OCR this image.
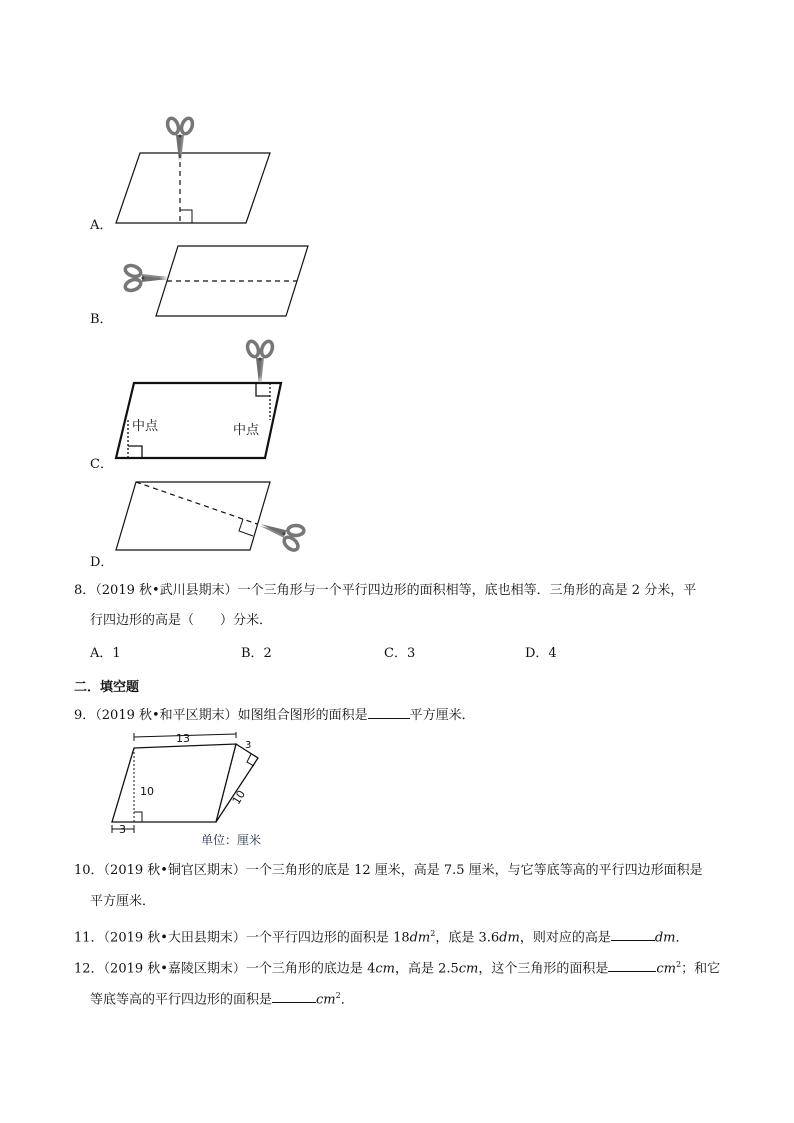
A．
B．
C．
中点	中点
D．
8．（2019 秋•武川县期末）一个三角形与一个平行四边形的面积相等，底也相等．三角形的高是 2 分米，平
行四边形的高是（　　）分米．
A．1	B．2	C．3	D．4
二．填空题
9．（2019 秋•和平区期末）如图组合图形的面积是	平方厘米．
13
3
10	10
3
单位：厘米
10．（2019 秋•铜官区期末）一个三角形的底是 12 厘米，高是 7.5 厘米，与它等底等高的平行四边形面积是
平方厘米．
11．（2019 秋•大田县期末）一个平行四边形的面积是 $18dm^2$，底是 3.6dm，则对应的高是	dm．
12．（2019 秋•嘉陵区期末）一个三角形的底边是 4cm，高是 2.5cm，这个三角形的面积是	$cm^2$；和它
等底等高的平行四边形的面积是	$cm^2$．
